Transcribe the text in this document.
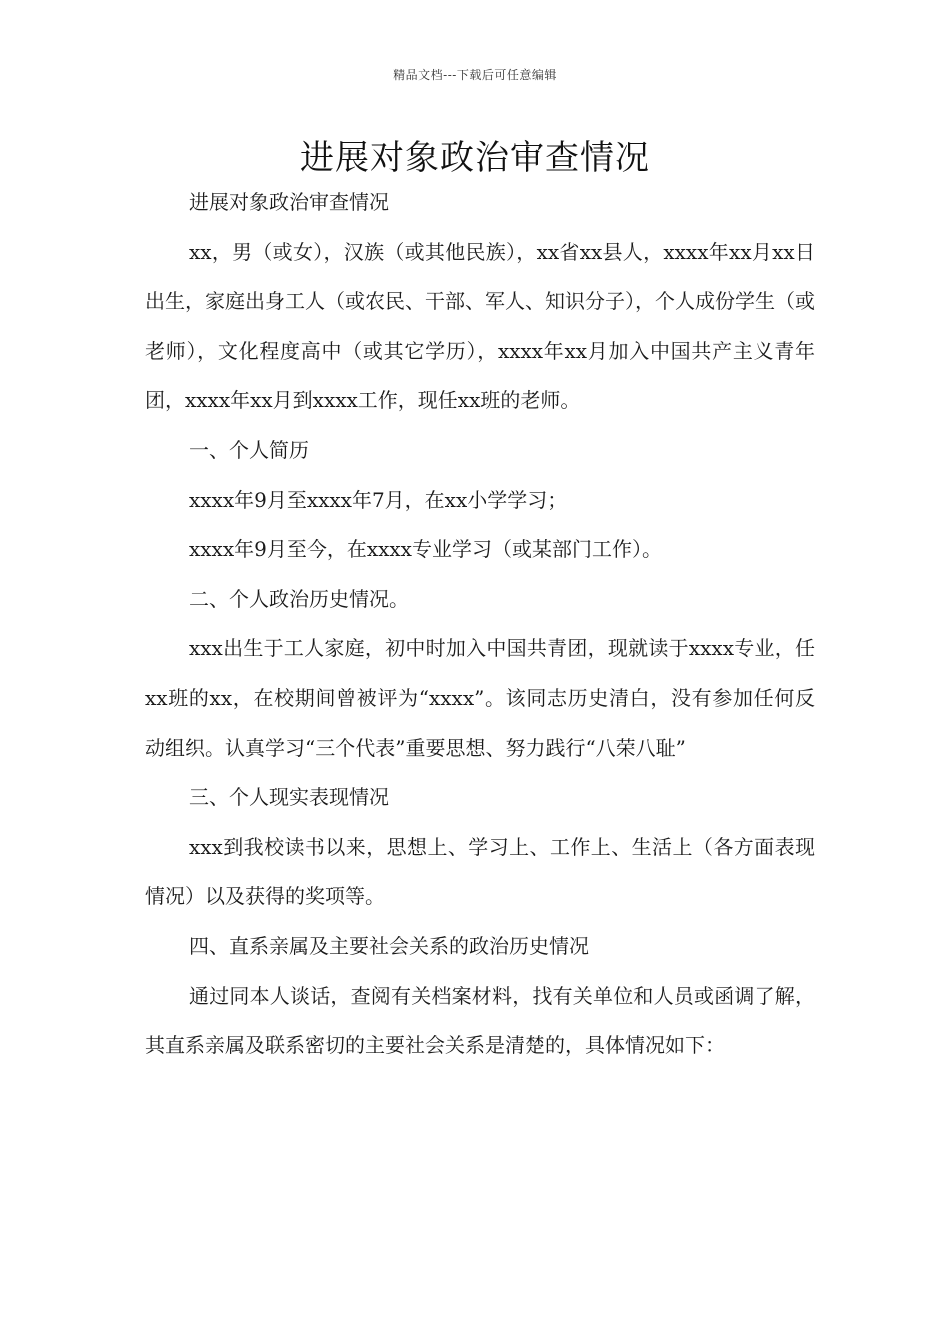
精品文档---下载后可任意编辑
进展对象政治审查情况

进展对象政治审查情况

xx，男（或女），汉族（或其他民族），xx省xx县人，xxxx年xx月xx日出生，家庭出身工人（或农民、干部、军人、知识分子），个人成份学生（或老师），文化程度高中（或其它学历），xxxx年xx月加入中国共产主义青年团，xxxx年xx月到xxxx工作，现任xx班的老师。

一、个人简历

xxxx年9月至xxxx年7月，在xx小学学习；

xxxx年9月至今，在xxxx专业学习（或某部门工作）。

二、个人政治历史情况。

xxx出生于工人家庭，初中时加入中国共青团，现就读于xxxx专业，任xx班的xx，在校期间曾被评为“xxxx”。该同志历史清白，没有参加任何反动组织。认真学习“三个代表”重要思想、努力践行“八荣八耻”

三、个人现实表现情况

xxx到我校读书以来，思想上、学习上、工作上、生活上（各方面表现情况）以及获得的奖项等。

四、直系亲属及主要社会关系的政治历史情况

通过同本人谈话，查阅有关档案材料，找有关单位和人员或函调了解，其直系亲属及联系密切的主要社会关系是清楚的，具体情况如下：
